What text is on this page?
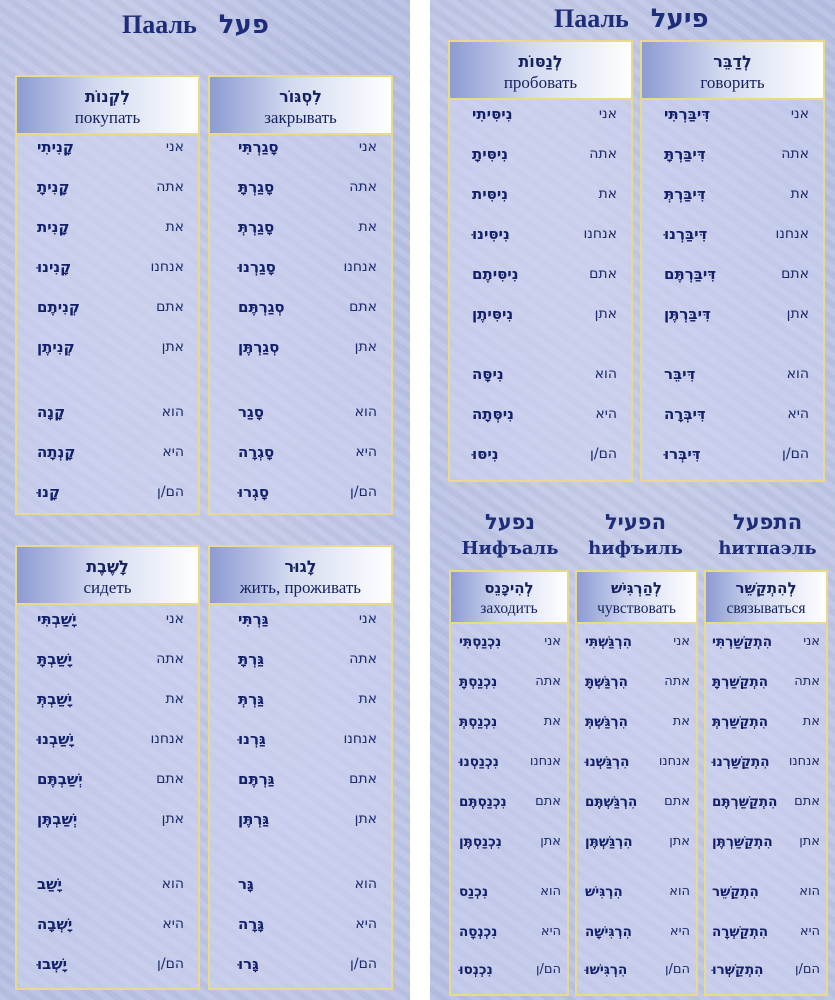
Пааль פעל	Пааль פיעל
לִקְנוֹת
покупать
אני
קָנִיתִי
אתה
קָנִיתָ
את
קָנִית
אנחנו
קָנִינוּ
אתם
קְנִיתֶם
אתן
קְנִיתֶן
הוא
קָנָה
היא
קָנְתָה
הם/ן
קָנוּ
לִסְגּוֹר
закрывать
אני
סָגַרְתִּי
אתה
סָגַרְתָּ
את
סָגַרְתְּ
אנחנו
סָגַרְנוּ
אתם
סְגַרְתֶּם
אתן
סְגַרְתֶּן
הוא
סָגַר
היא
סָגְרָה
הם/ן
סָגְרוּ
לָשֶׁבֶת
сидеть
אני
יָשַׁבְתִּי
אתה
יָשַׁבְתָּ
את
יָשַׁבְתְּ
אנחנו
יָשַׁבְנוּ
אתם
יְשַׁבְתֶּם
אתן
יְשַׁבְתֶּן
הוא
יָשַׁב
היא
יָשְׁבָה
הם/ן
יָשְׁבוּ
לָגוּר
жить, проживать
אני
גַּרְתִּי
אתה
גַּרְתָּ
את
גַּרְתְּ
אנחנו
גַּרְנוּ
אתם
גַּרְתֶּם
אתן
גַּרְתֶּן
הוא
גָּר
היא
גָּרָה
הם/ן
גָּרוּ
לְנַסּוֹת
пробовать
אני
נִיסִּיתִי
אתה
נִיסִּיתָ
את
נִיסִּית
אנחנו
נִיסִּינוּ
אתם
נִיסִּיתֶם
אתן
נִיסִּיתֶן
הוא
נִיסָּה
היא
נִיסְּתָה
הם/ן
נִיסּוּ
לְדַבֵּר
говорить
אני
דִּיבַּרְתִּי
אתה
דִּיבַּרְתָּ
את
דִּיבַּרְתְּ
אנחנו
דִּיבַּרְנוּ
אתם
דִּיבַּרְתֶּם
אתן
דִּיבַּרְתֶּן
הוא
דִּיבֵּר
היא
דִּיבְּרָה
הם/ן
דִּיבְּרוּ
לְהִיכָּנֵס
заходить
אני
נִכְנַסְתִּי
אתה
נִכְנַסְתָּ
את
נִכְנַסְתְּ
אנחנו
נִכְנַסְנוּ
אתם
נִכְנַסְתֶּם
אתן
נִכְנַסְתֶּן
הוא
נִכְנַס
היא
נִכְנְסָה
הם/ן
נִכְנְסוּ
לְהַרְגִּישׁ
чувствовать
אני
הִרְגַּשְׁתִּי
אתה
הִרְגַּשְׁתָּ
את
הִרְגַּשְׁתְּ
אנחנו
הִרְגַּשְׁנוּ
אתם
הִרְגַּשְׁתֶּם
אתן
הִרְגַּשְׁתֶּן
הוא
הִרְגִּישׁ
היא
הִרְגִּישָׁה
הם/ן
הִרְגִּישׁוּ
לְהִתְקַשֵּׁר
связываться
אני
הִתְקַשַּׁרְתִּי
אתה
הִתְקַשַּׁרְתָּ
את
הִתְקַשַּׁרְתְּ
אנחנו
הִתְקַשַּׁרְנוּ
אתם
הִתְקַשַּׁרְתֶּם
אתן
הִתְקַשַּׁרְתֶּן
הוא
הִתְקַשֵּׁר
היא
הִתְקַשְּׁרָה
הם/ן
הִתְקַשְּׁרוּ
נפעל
Нифъаль
הפעיל
hифъиль
התפעל
hитпаэль
